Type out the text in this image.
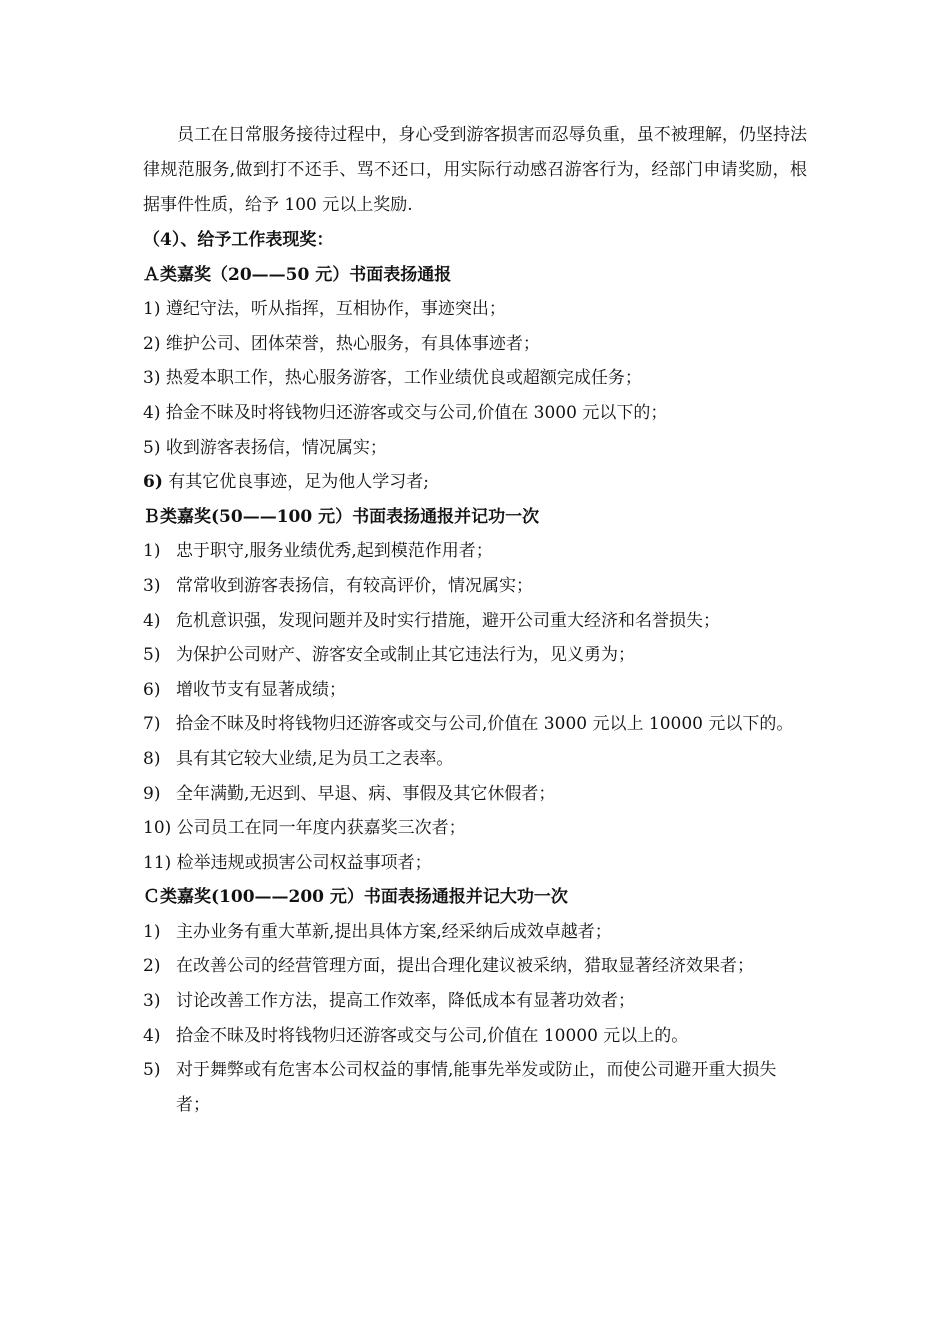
员工在日常服务接待过程中，身心受到游客损害而忍辱负重，虽不被理解，仍坚持法律规范服务,做到打不还手、骂不还口，用实际行动感召游客行为，经部门申请奖励，根据事件性质，给予 100 元以上奖励.
（4）、给予工作表现奖：
Ａ类嘉奖（20——50 元）书面表扬通报
1)
遵纪守法，听从指挥，互相协作，事迹突出；
2)
维护公司、团体荣誉，热心服务，有具体事迹者；
3)
热爱本职工作，热心服务游客，工作业绩优良或超额完成任务；
4)
拾金不昧及时将钱物归还游客或交与公司,价值在 3000 元以下的；
5)
收到游客表扬信，情况属实；
6)
有其它优良事迹，足为他人学习者;
Ｂ类嘉奖(50——100 元）书面表扬通报并记功一次
1) 忠于职守,服务业绩优秀,起到模范作用者；
3) 常常收到游客表扬信，有较高评价，情况属实；
4) 危机意识强，发现问题并及时实行措施，避开公司重大经济和名誉损失；
5) 为保护公司财产、游客安全或制止其它违法行为，见义勇为；
6) 增收节支有显著成绩；
7) 拾金不昧及时将钱物归还游客或交与公司,价值在 3000 元以上 10000 元以下的。
8) 具有其它较大业绩,足为员工之表率。
9) 全年满勤,无迟到、早退、病、事假及其它休假者；
10)
公司员工在同一年度内获嘉奖三次者；
11)
检举违规或损害公司权益事项者；
Ｃ类嘉奖(100——200 元）书面表扬通报并记大功一次
1) 主办业务有重大革新,提出具体方案,经采纳后成效卓越者；
2) 在改善公司的经营管理方面，提出合理化建议被采纳，猎取显著经济效果者；
3) 讨论改善工作方法，提高工作效率，降低成本有显著功效者；
4) 拾金不昧及时将钱物归还游客或交与公司,价值在 10000 元以上的。
5) 对于舞弊或有危害本公司权益的事情,能事先举发或防止，而使公司避开重大损失者；
